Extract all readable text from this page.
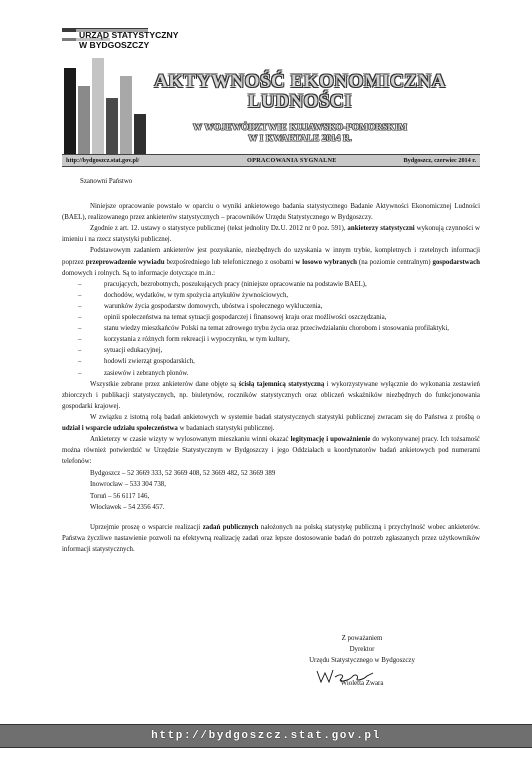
URZĄD STATYSTYCZNY
W BYDGOSZCZY
AKTYWNOŚĆ EKONOMICZNA
LUDNOŚCI
W WOJEWÓDZTWIE KUJAWSKO-POMORSKIM
W I KWARTALE 2014 R.
http://bydgoszcz.stat.gov.pl/	OPRACOWANIA SYGNALNE	Bydgoszcz, czerwiec 2014 r.
Szanowni Państwo

Niniejsze opracowanie powstało w oparciu o wyniki ankietowego badania statystycznego Badanie Aktywności Ekonomicznej Ludności (BAEL), realizowanego przez ankieterów statystycznych – pracowników Urzędu Statystycznego w Bydgoszczy.

Zgodnie z art. 12. ustawy o statystyce publicznej (tekst jednolity Dz.U. 2012 nr 0 poz. 591), ankieterzy statystyczni wykonują czynności w imieniu i na rzecz statystyki publicznej.

Podstawowym zadaniem ankieterów jest pozyskanie, niezbędnych do uzyskania w innym trybie, kompletnych i rzetelnych informacji poprzez przeprowadzenie wywiadu bezpośredniego lub telefonicznego z osobami w losowo wybranych (na poziomie centralnym) gospodarstwach domowych i rolnych. Są to informacje dotyczące m.in.:

–	pracujących, bezrobotnych, poszukujących pracy (niniejsze opracowanie na podstawie BAEL),
–	dochodów, wydatków, w tym spożycia artykułów żywnościowych,
–	warunków życia gospodarstw domowych, ubóstwa i społecznego wykluczenia,
–	opinii społeczeństwa na temat sytuacji gospodarczej i finansowej kraju oraz możliwości oszczędzania,
–	stanu wiedzy mieszkańców Polski na temat zdrowego trybu życia oraz przeciwdziałaniu chorobom i stosowania profilaktyki,
–	korzystania z różnych form rekreacji i wypoczynku, w tym kultury,
–	sytuacji edukacyjnej,
–	hodowli zwierząt gospodarskich,
–	zasiewów i zebranych plonów.

Wszystkie zebrane przez ankieterów dane objęte są ścisłą tajemnicą statystyczną i wykorzystywane wyłącznie do wykonania zestawień zbiorczych i publikacji statystycznych, np. biuletynów, roczników statystycznych oraz obliczeń wskaźników niezbędnych do funkcjonowania gospodarki krajowej.

W związku z istotną rolą badań ankietowych w systemie badań statystycznych statystyki publicznej zwracam się do Państwa z prośbą o udział i wsparcie udziału społeczeństwa w badaniach statystyki publicznej.

Ankieterzy w czasie wizyty w wylosowanym mieszkaniu winni okazać legitymację i upoważnienie do wykonywanej pracy. Ich tożsamość można również potwierdzić w Urzędzie Statystycznym w Bydgoszczy i jego Oddziałach u koordynatorów badań ankietowych pod numerami telefonów:

Bydgoszcz – 52 3669 333, 52 3669 408, 52 3669 482, 52 3669 389
Inowrocław – 533 304 738,
Toruń – 56 6117 146,
Włocławek – 54 2356 457.

Uprzejmie proszę o wsparcie realizacji zadań publicznych nałożonych na polską statystykę publiczną i przychylność wobec ankieterów. Państwa życzliwe nastawienie pozwoli na efektywną realizację zadań oraz lepsze dostosowanie badań do potrzeb zgłaszanych przez użytkowników informacji statystycznych.

Z poważaniem
Dyrektor
Urzędu Statystycznego w Bydgoszczy
Wioletta Zwara
http://bydgoszcz.stat.gov.pl
